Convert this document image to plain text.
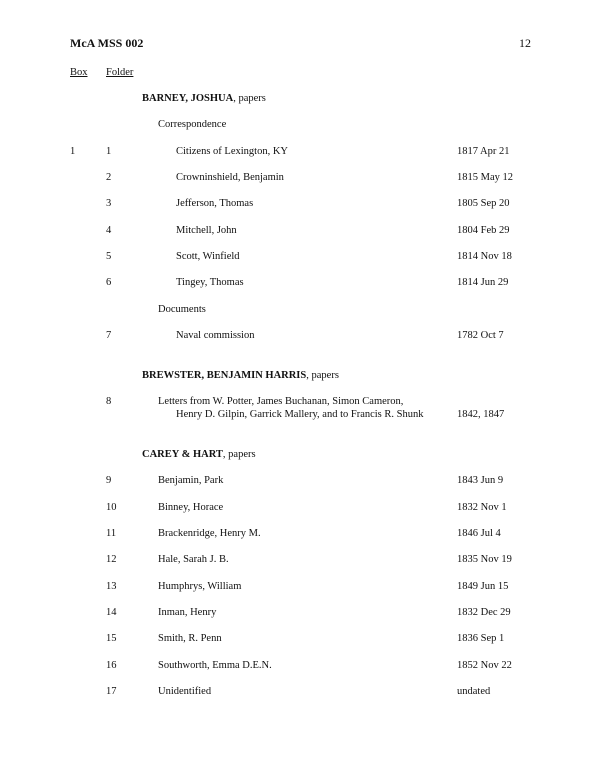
McA MSS 002	12
Box Folder
BARNEY, JOSHUA, papers
Correspondence
1	1	Citizens of Lexington, KY	1817 Apr 21
2	Crowninshield, Benjamin	1815 May 12
3	Jefferson, Thomas	1805 Sep 20
4	Mitchell, John	1804 Feb 29
5	Scott, Winfield	1814 Nov 18
6	Tingey, Thomas	1814 Jun 29
Documents
7	Naval commission	1782 Oct 7
BREWSTER, BENJAMIN HARRIS, papers
8	Letters from W. Potter, James Buchanan, Simon Cameron,
Henry D. Gilpin, Garrick Mallery, and to Francis R. Shunk	1842, 1847
CAREY & HART, papers
9	Benjamin, Park	1843 Jun 9
10	Binney, Horace	1832 Nov 1
11	Brackenridge, Henry M.	1846 Jul 4
12	Hale, Sarah J. B.	1835 Nov 19
13	Humphrys, William	1849 Jun 15
14	Inman, Henry	1832 Dec 29
15	Smith, R. Penn	1836 Sep 1
16	Southworth, Emma D.E.N.	1852 Nov 22
17	Unidentified	undated
